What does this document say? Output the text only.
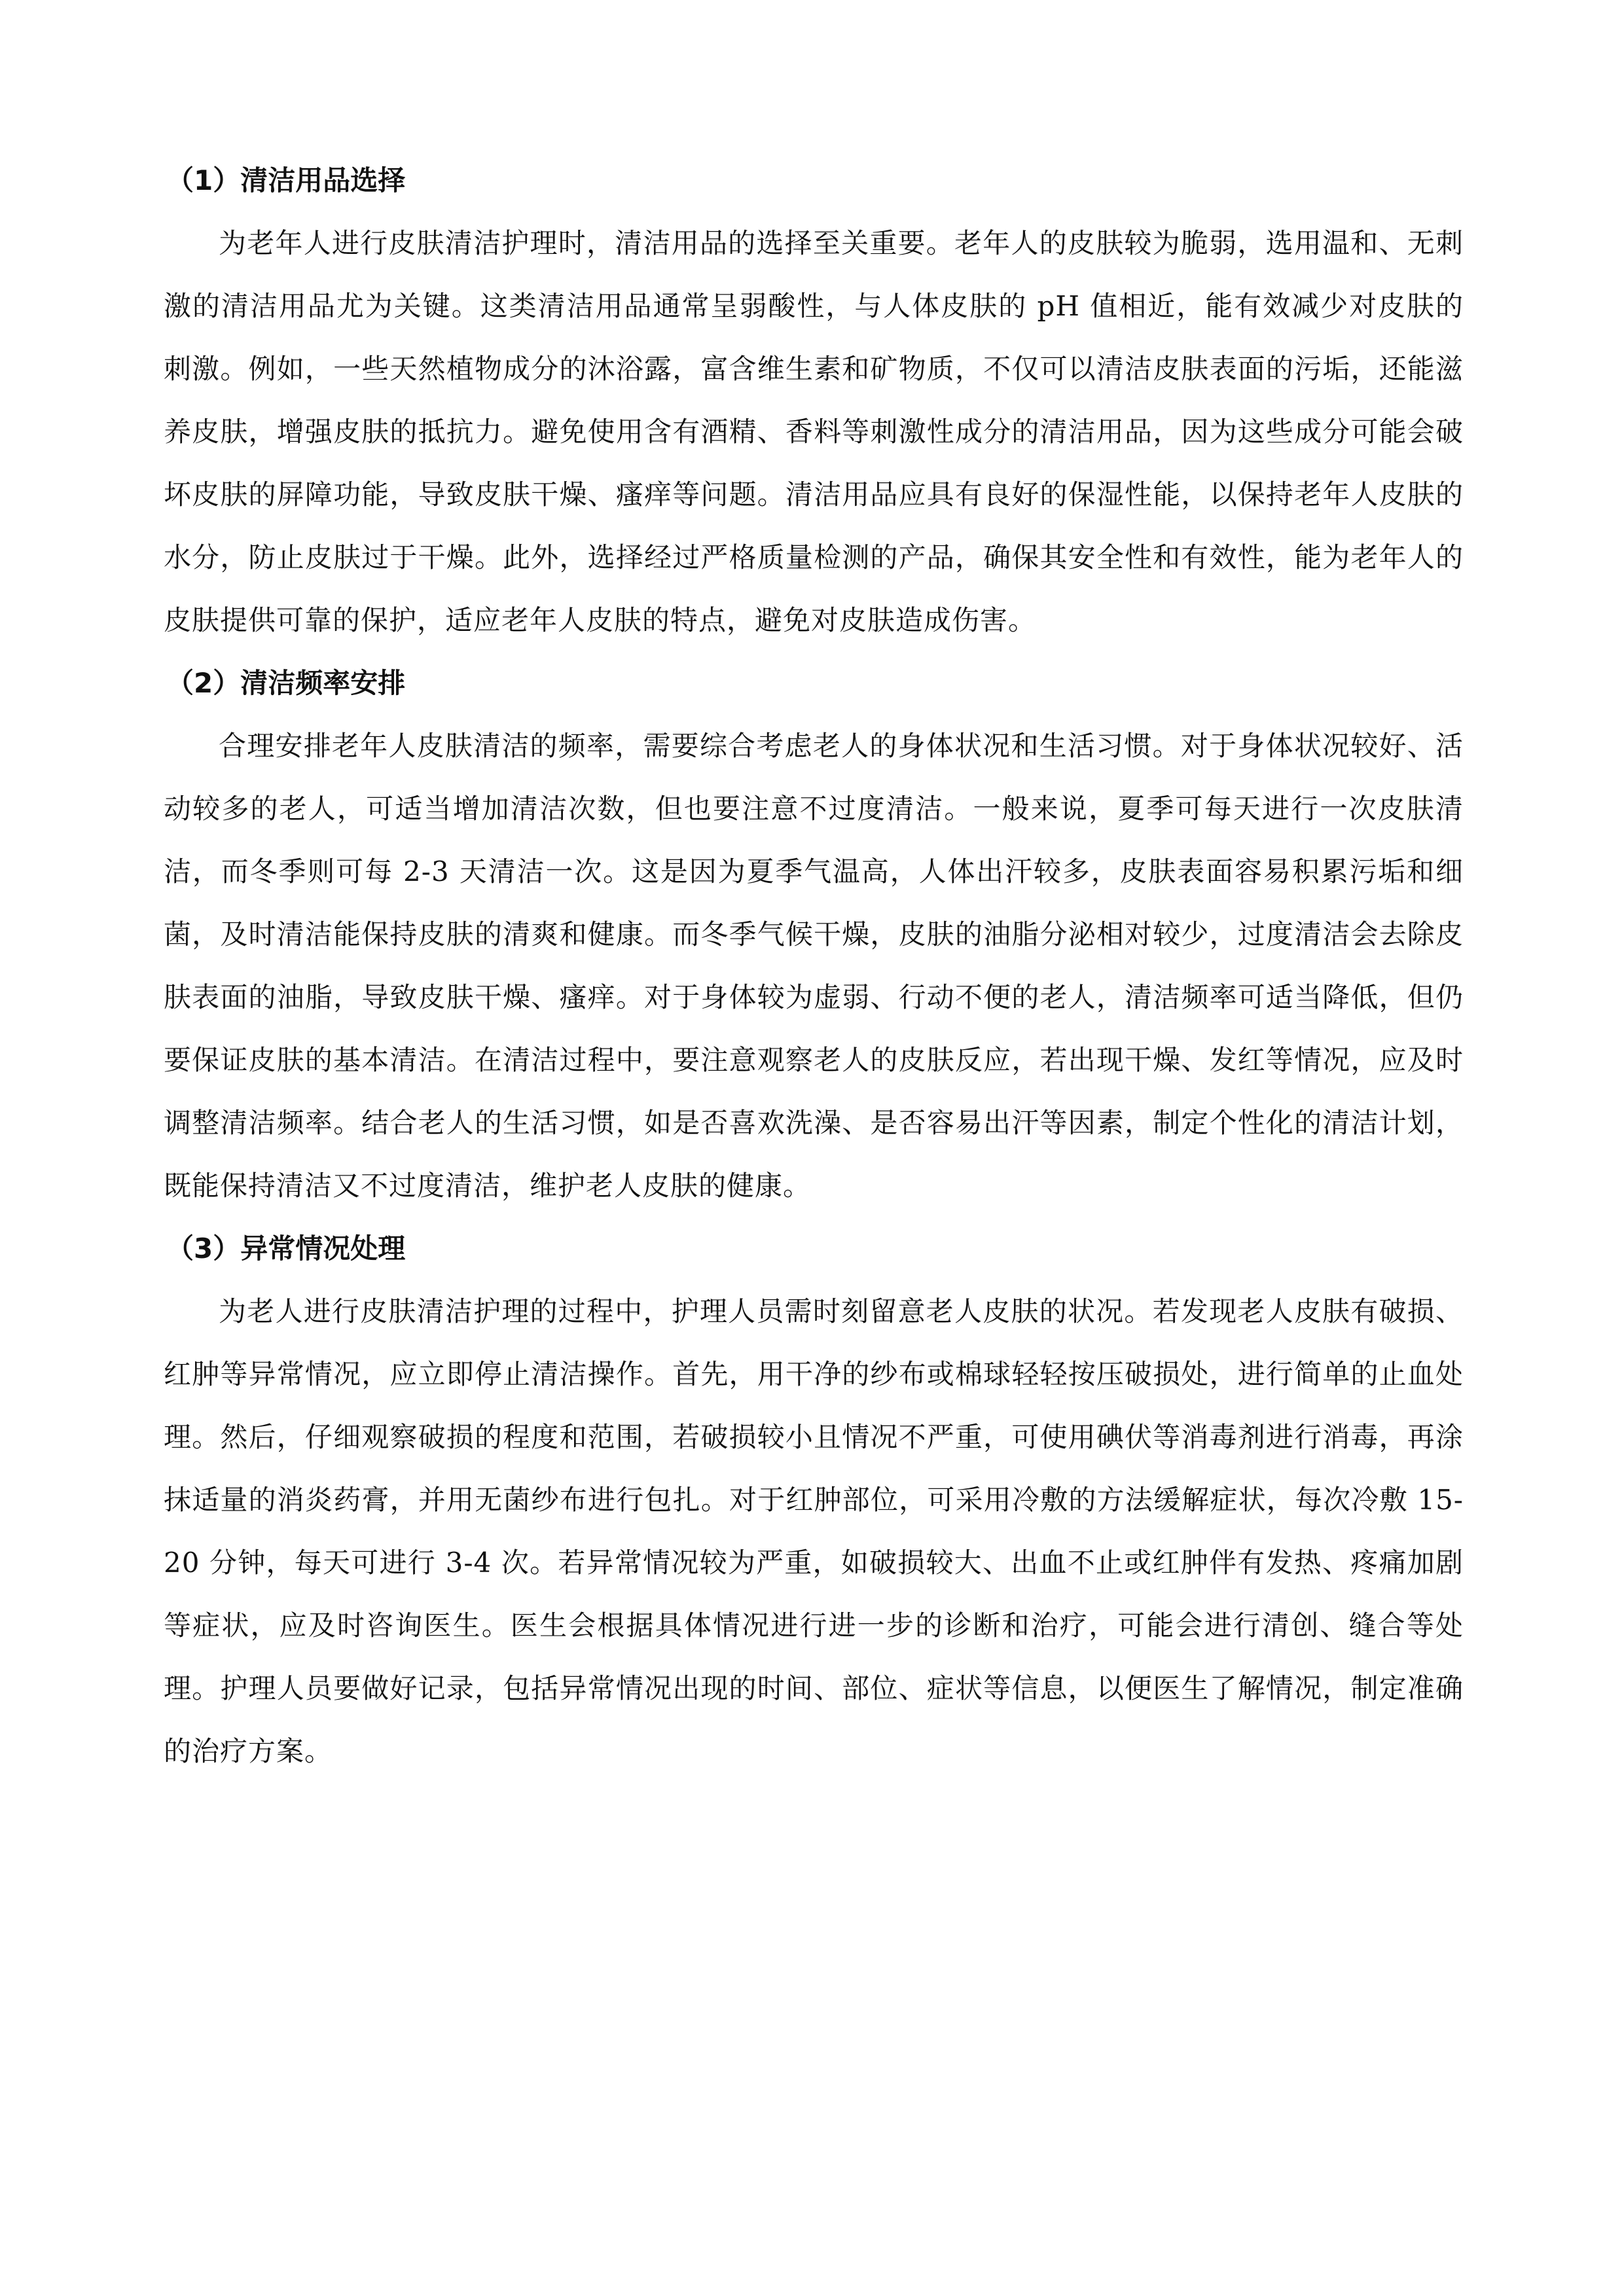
（1）清洁用品选择

为老年人进行皮肤清洁护理时，清洁用品的选择至关重要。老年人的皮肤较为脆弱，选用温和、无刺激的清洁用品尤为关键。这类清洁用品通常呈弱酸性，与人体皮肤的 pH 值相近，能有效减少对皮肤的刺激。例如，一些天然植物成分的沐浴露，富含维生素和矿物质，不仅可以清洁皮肤表面的污垢，还能滋养皮肤，增强皮肤的抵抗力。避免使用含有酒精、香料等刺激性成分的清洁用品，因为这些成分可能会破坏皮肤的屏障功能，导致皮肤干燥、瘙痒等问题。清洁用品应具有良好的保湿性能，以保持老年人皮肤的水分，防止皮肤过于干燥。此外，选择经过严格质量检测的产品，确保其安全性和有效性，能为老年人的皮肤提供可靠的保护，适应老年人皮肤的特点，避免对皮肤造成伤害。

（2）清洁频率安排

合理安排老年人皮肤清洁的频率，需要综合考虑老人的身体状况和生活习惯。对于身体状况较好、活动较多的老人，可适当增加清洁次数，但也要注意不过度清洁。一般来说，夏季可每天进行一次皮肤清洁，而冬季则可每 2-3 天清洁一次。这是因为夏季气温高，人体出汗较多，皮肤表面容易积累污垢和细菌，及时清洁能保持皮肤的清爽和健康。而冬季气候干燥，皮肤的油脂分泌相对较少，过度清洁会去除皮肤表面的油脂，导致皮肤干燥、瘙痒。对于身体较为虚弱、行动不便的老人，清洁频率可适当降低，但仍要保证皮肤的基本清洁。在清洁过程中，要注意观察老人的皮肤反应，若出现干燥、发红等情况，应及时调整清洁频率。结合老人的生活习惯，如是否喜欢洗澡、是否容易出汗等因素，制定个性化的清洁计划，既能保持清洁又不过度清洁，维护老人皮肤的健康。

（3）异常情况处理

为老人进行皮肤清洁护理的过程中，护理人员需时刻留意老人皮肤的状况。若发现老人皮肤有破损、红肿等异常情况，应立即停止清洁操作。首先，用干净的纱布或棉球轻轻按压破损处，进行简单的止血处理。然后，仔细观察破损的程度和范围，若破损较小且情况不严重，可使用碘伏等消毒剂进行消毒，再涂抹适量的消炎药膏，并用无菌纱布进行包扎。对于红肿部位，可采用冷敷的方法缓解症状，每次冷敷 15-20 分钟，每天可进行 3-4 次。若异常情况较为严重，如破损较大、出血不止或红肿伴有发热、疼痛加剧等症状，应及时咨询医生。医生会根据具体情况进行进一步的诊断和治疗，可能会进行清创、缝合等处理。护理人员要做好记录，包括异常情况出现的时间、部位、症状等信息，以便医生了解情况，制定准确的治疗方案。
